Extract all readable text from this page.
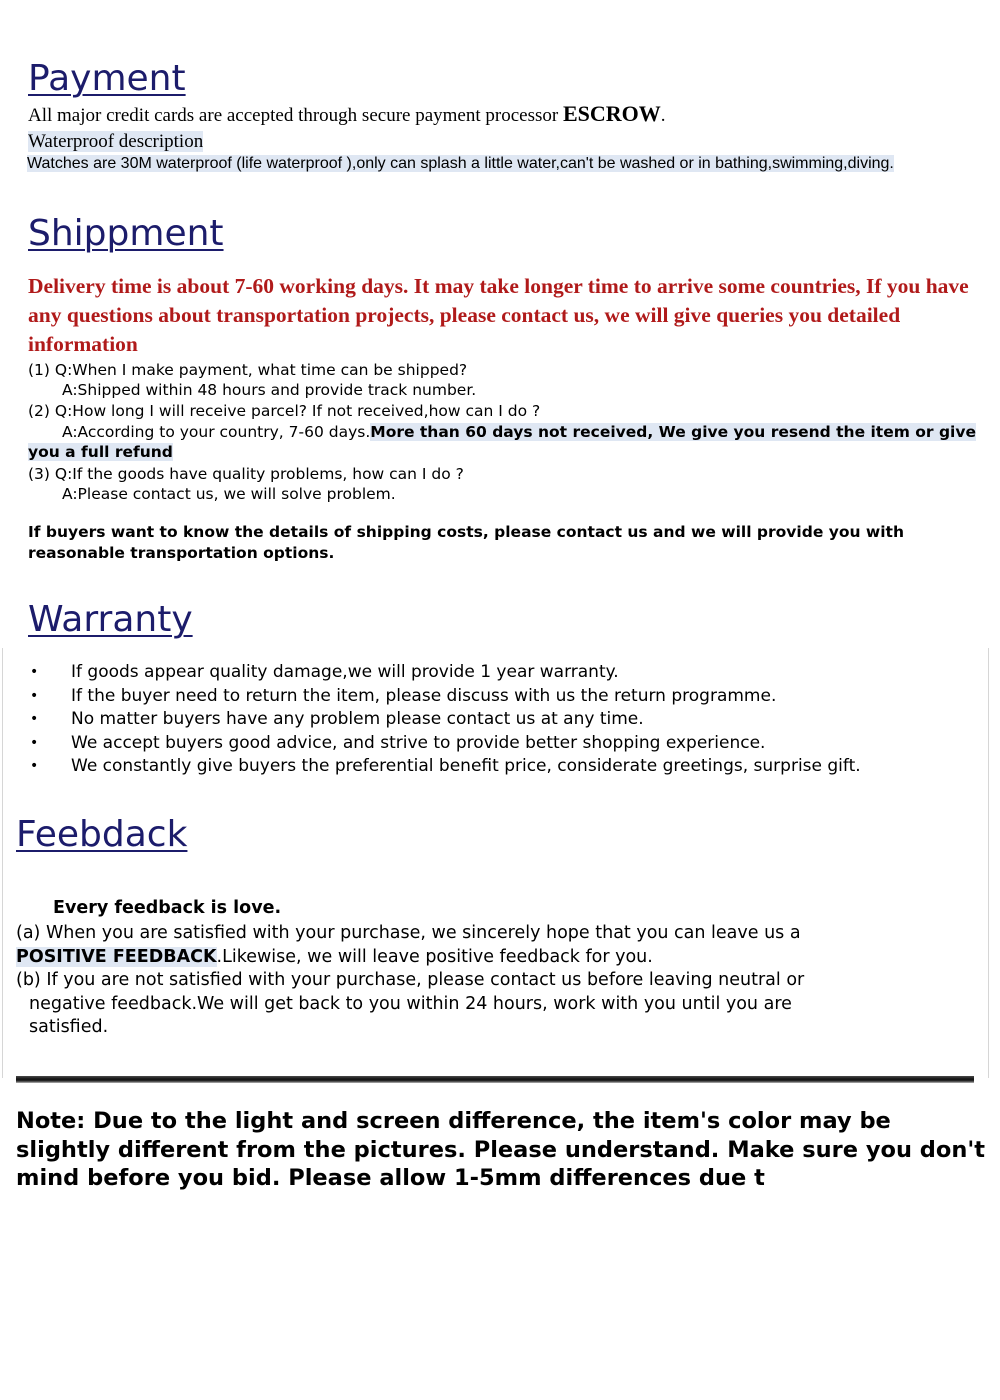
Payment
All major credit cards are accepted through secure payment processor ESCROW.
Waterproof description
Watches are 30M waterproof (life waterproof ),only can splash a little water,can't be washed or in bathing,swimming,diving.
Shippment
Delivery time is about 7-60 working days. It may take longer time to arrive some countries, If you have any questions about transportation projects, please contact us, we will give queries you detailed information
(1) Q:When I make payment, what time can be shipped?
A:Shipped within 48 hours and provide track number.
(2) Q:How long I will receive parcel? If not received,how can I do ?
A:According to your country, 7-60 days.More than 60 days not received, We give you resend the item or give you a full refund
(3) Q:If the goods have quality problems, how can I do ?
A:Please contact us, we will solve problem.
If buyers want to know the details of shipping costs, please contact us and we will provide you with reasonable transportation options.
Warranty
• If goods appear quality damage,we will provide 1 year warranty.
• If the buyer need to return the item, please discuss with us the return programme.
• No matter buyers have any problem please contact us at any time.
• We accept buyers good advice, and strive to provide better shopping experience.
• We constantly give buyers the preferential benefit price, considerate greetings, surprise gift.
Feebdack
Every feedback is love.
(a) When you are satisfied with your purchase, we sincerely hope that you can leave us a
POSITIVE FEEDBACK.Likewise, we will leave positive feedback for you.
(b) If you are not satisfied with your purchase, please contact us before leaving neutral or
negative feedback.We will get back to you within 24 hours, work with you until you are
satisfied.
Note: Due to the light and screen difference, the item's color may be slightly different from the pictures. Please understand. Make sure you don't mind before you bid. Please allow 1-5mm differences due t
